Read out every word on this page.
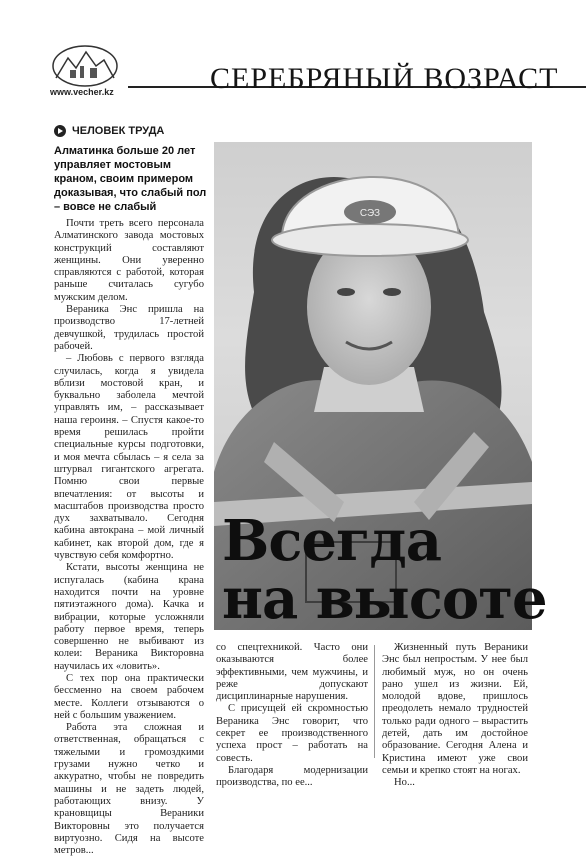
www.vecher.kz	СЕРЕБРЯНЫЙ ВОЗРАСТ
ЧЕЛОВЕК ТРУДА
Алматинка больше 20 лет управляет мостовым краном, своим примером доказывая, что слабый пол – вовсе не слабый

Почти треть всего персонала Алматинского завода мостовых конструкций составляют женщины. Они уверенно справляются с работой, которая раньше считалась сугубо мужским делом.

Вераника Энс пришла на производство 17-летней девчушкой, трудилась простой рабочей.

– Любовь с первого взгляда случилась, когда я увидела вблизи мостовой кран, и буквально заболела мечтой управлять им, – рассказывает наша героиня. – Спустя какое-то время решилась пройти специальные курсы подготовки, и моя мечта сбылась – я села за штурвал гигантского агрегата. Помню свои первые впечатления: от высоты и масштабов производства просто дух захватывало. Сегодня кабина автокрана – мой личный кабинет, как второй дом, где я чувствую себя комфортно.

Кстати, высоты женщина не испугалась (кабина крана находится почти на уровне пятиэтажного дома). Качка и вибрации, которые усложняли работу первое время, теперь совершенно не выбивают из колеи: Вераника Викторовна научилась их «ловить».

С тех пор она практически бессменно на своем рабочем месте. Коллеги отзываются о ней с большим уважением.

Работа эта сложная и ответственная, обращаться с тяжелыми и громоздкими грузами нужно четко и аккуратно, чтобы не повредить машины и не задеть людей, работающих внизу. У крановщицы Вераники Викторовны это получается виртуозно. Сидя на высоте метров...

СЭЗ
Всегда
на высоте

со спецтехникой. Часто они оказываются более эффективными, чем мужчины, и реже допускают дисциплинарные нарушения.

С присущей ей скромностью Вераника Энс говорит, что секрет ее производственного успеха прост – работать на совесть.

Благодаря модернизации производства, по ее...

Жизненный путь Вераники Энс был непростым. У нее был любимый муж, но он очень рано ушел из жизни. Ей, молодой вдове, пришлось преодолеть немало трудностей только ради одного – вырастить детей, дать им достойное образование. Сегодня Алена и Кристина имеют уже свои семьи и крепко стоят на ногах.

Но...
